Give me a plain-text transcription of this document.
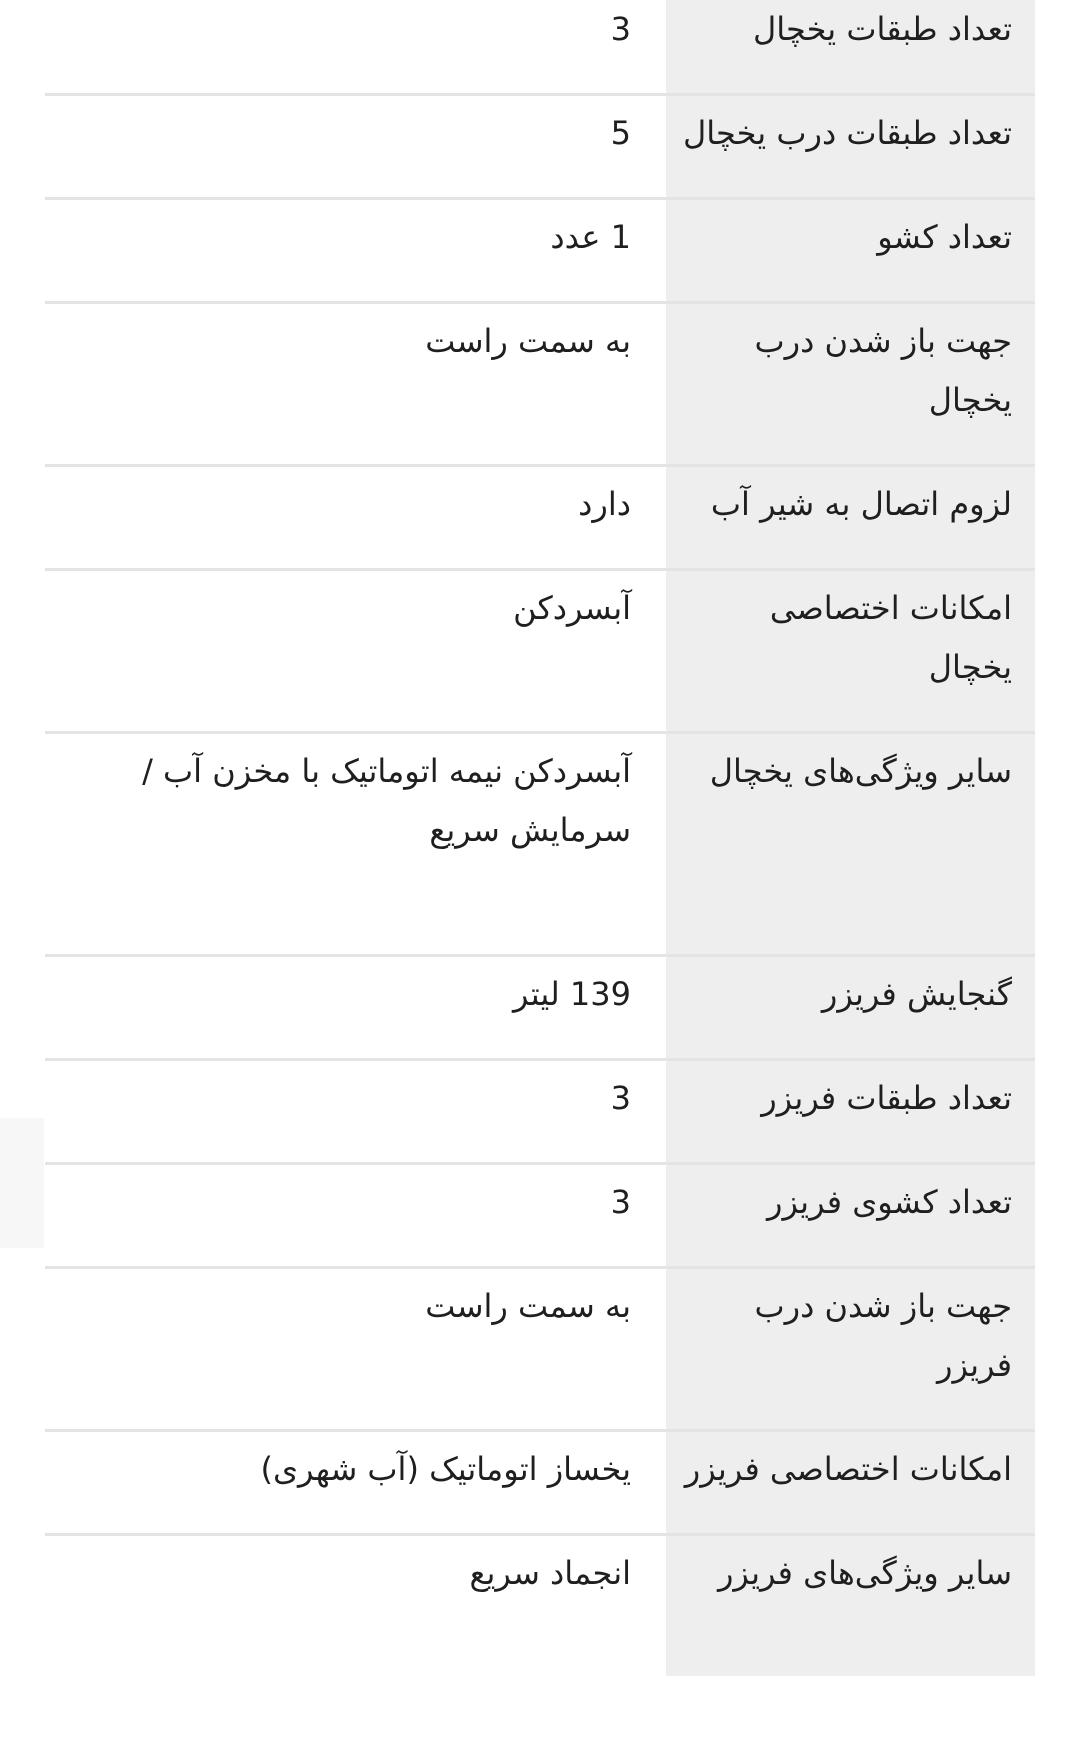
تعداد طبقات یخچال	3
تعداد طبقات درب یخچال	5
تعداد کشو	1 عدد
جهت باز شدن درب یخچال	به سمت راست
لزوم اتصال به شیر آب	دارد
امکانات اختصاصی یخچال	آبسردکن
سایر ویژگی‌های یخچال	آبسردکن نیمه اتوماتیک با مخزن آب /
سرمایش سریع

گنجایش فریزر	139 لیتر
تعداد طبقات فریزر	3
تعداد کشوی فریزر	3
جهت باز شدن درب فریزر	به سمت راست
امکانات اختصاصی فریزر	یخساز اتوماتیک (آب شهری)
سایر ویژگی‌های فریزر	انجماد سریع
